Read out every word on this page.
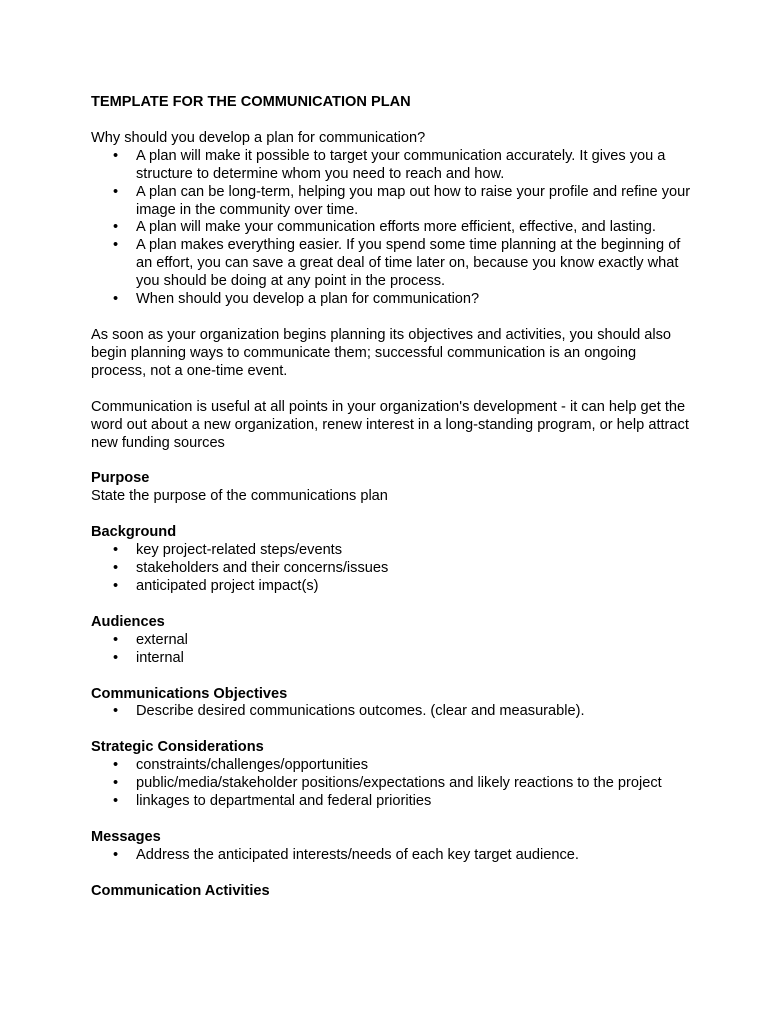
TEMPLATE FOR THE COMMUNICATION PLAN

Why should you develop a plan for communication?

• A plan will make it possible to target your communication accurately. It gives you a structure to determine whom you need to reach and how.
• A plan can be long-term, helping you map out how to raise your profile and refine your image in the community over time.
• A plan will make your communication efforts more efficient, effective, and lasting.
• A plan makes everything easier. If you spend some time planning at the beginning of an effort, you can save a great deal of time later on, because you know exactly what you should be doing at any point in the process.
• When should you develop a plan for communication?

As soon as your organization begins planning its objectives and activities, you should also begin planning ways to communicate them; successful communication is an ongoing process, not a one-time event.

Communication is useful at all points in your organization's development - it can help get the word out about a new organization, renew interest in a long-standing program, or help attract new funding sources

Purpose

State the purpose of the communications plan

Background

• key project-related steps/events
• stakeholders and their concerns/issues
• anticipated project impact(s)

Audiences

• external
• internal

Communications Objectives

• Describe desired communications outcomes. (clear and measurable).

Strategic Considerations

• constraints/challenges/opportunities
• public/media/stakeholder positions/expectations and likely reactions to the project
• linkages to departmental and federal priorities

Messages

• Address the anticipated interests/needs of each key target audience.

Communication Activities
